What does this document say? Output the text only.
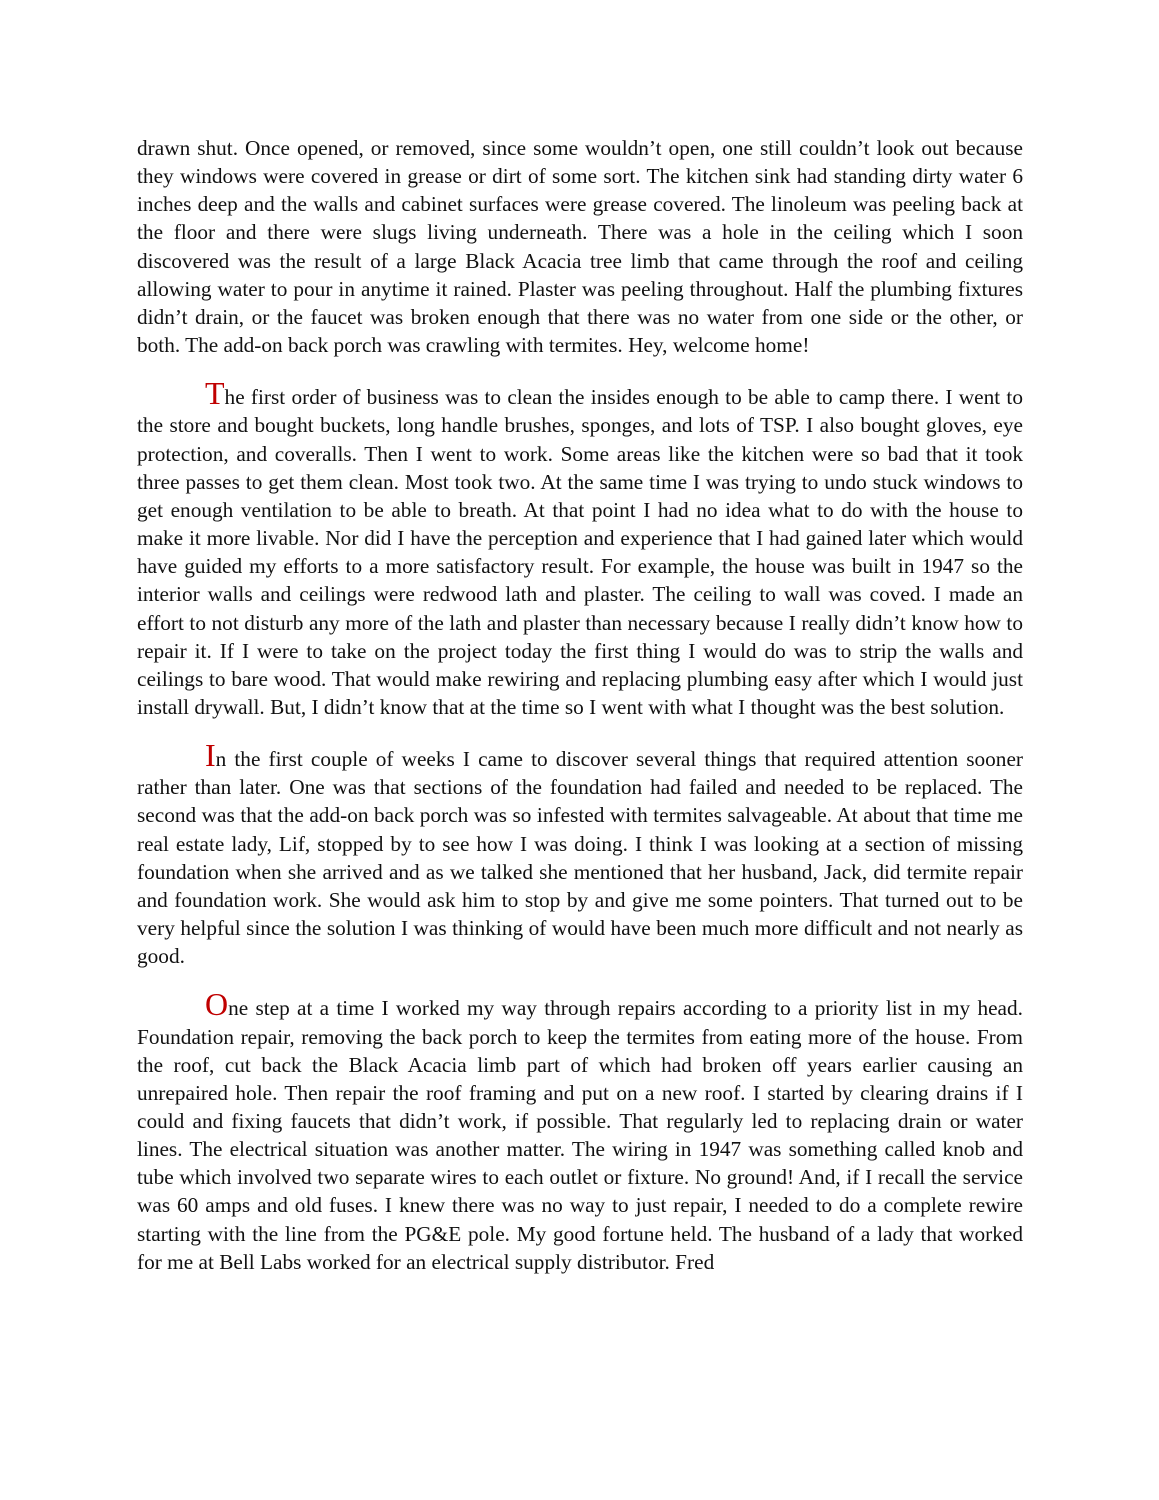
drawn shut. Once opened, or removed, since some wouldn’t open, one still couldn’t look out because they windows were covered in grease or dirt of some sort. The kitchen sink had standing dirty water 6 inches deep and the walls and cabinet surfaces were grease covered. The linoleum was peeling back at the floor and there were slugs living underneath. There was a hole in the ceiling which I soon discovered was the result of a large Black Acacia tree limb that came through the roof and ceiling allowing water to pour in anytime it rained. Plaster was peeling throughout. Half the plumbing fixtures didn’t drain, or the faucet was broken enough that there was no water from one side or the other, or both. The add-on back porch was crawling with termites. Hey, welcome home!

The first order of business was to clean the insides enough to be able to camp there. I went to the store and bought buckets, long handle brushes, sponges, and lots of TSP. I also bought gloves, eye protection, and coveralls. Then I went to work. Some areas like the kitchen were so bad that it took three passes to get them clean. Most took two. At the same time I was trying to undo stuck windows to get enough ventilation to be able to breath. At that point I had no idea what to do with the house to make it more livable. Nor did I have the perception and experience that I had gained later which would have guided my efforts to a more satisfactory result. For example, the house was built in 1947 so the interior walls and ceilings were redwood lath and plaster. The ceiling to wall was coved. I made an effort to not disturb any more of the lath and plaster than necessary because I really didn’t know how to repair it. If I were to take on the project today the first thing I would do was to strip the walls and ceilings to bare wood. That would make rewiring and replacing plumbing easy after which I would just install drywall. But, I didn’t know that at the time so I went with what I thought was the best solution.

In the first couple of weeks I came to discover several things that required attention sooner rather than later. One was that sections of the foundation had failed and needed to be replaced. The second was that the add-on back porch was so infested with termites salvageable. At about that time me real estate lady, Lif, stopped by to see how I was doing. I think I was looking at a section of missing foundation when she arrived and as we talked she mentioned that her husband, Jack, did termite repair and foundation work. She would ask him to stop by and give me some pointers. That turned out to be very helpful since the solution I was thinking of would have been much more difficult and not nearly as good.

One step at a time I worked my way through repairs according to a priority list in my head. Foundation repair, removing the back porch to keep the termites from eating more of the house. From the roof, cut back the Black Acacia limb part of which had broken off years earlier causing an unrepaired hole. Then repair the roof framing and put on a new roof. I started by clearing drains if I could and fixing faucets that didn’t work, if possible. That regularly led to replacing drain or water lines. The electrical situation was another matter. The wiring in 1947 was something called knob and tube which involved two separate wires to each outlet or fixture. No ground! And, if I recall the service was 60 amps and old fuses. I knew there was no way to just repair, I needed to do a complete rewire starting with the line from the PG&E pole. My good fortune held. The husband of a lady that worked for me at Bell Labs worked for an electrical supply distributor. Fred
